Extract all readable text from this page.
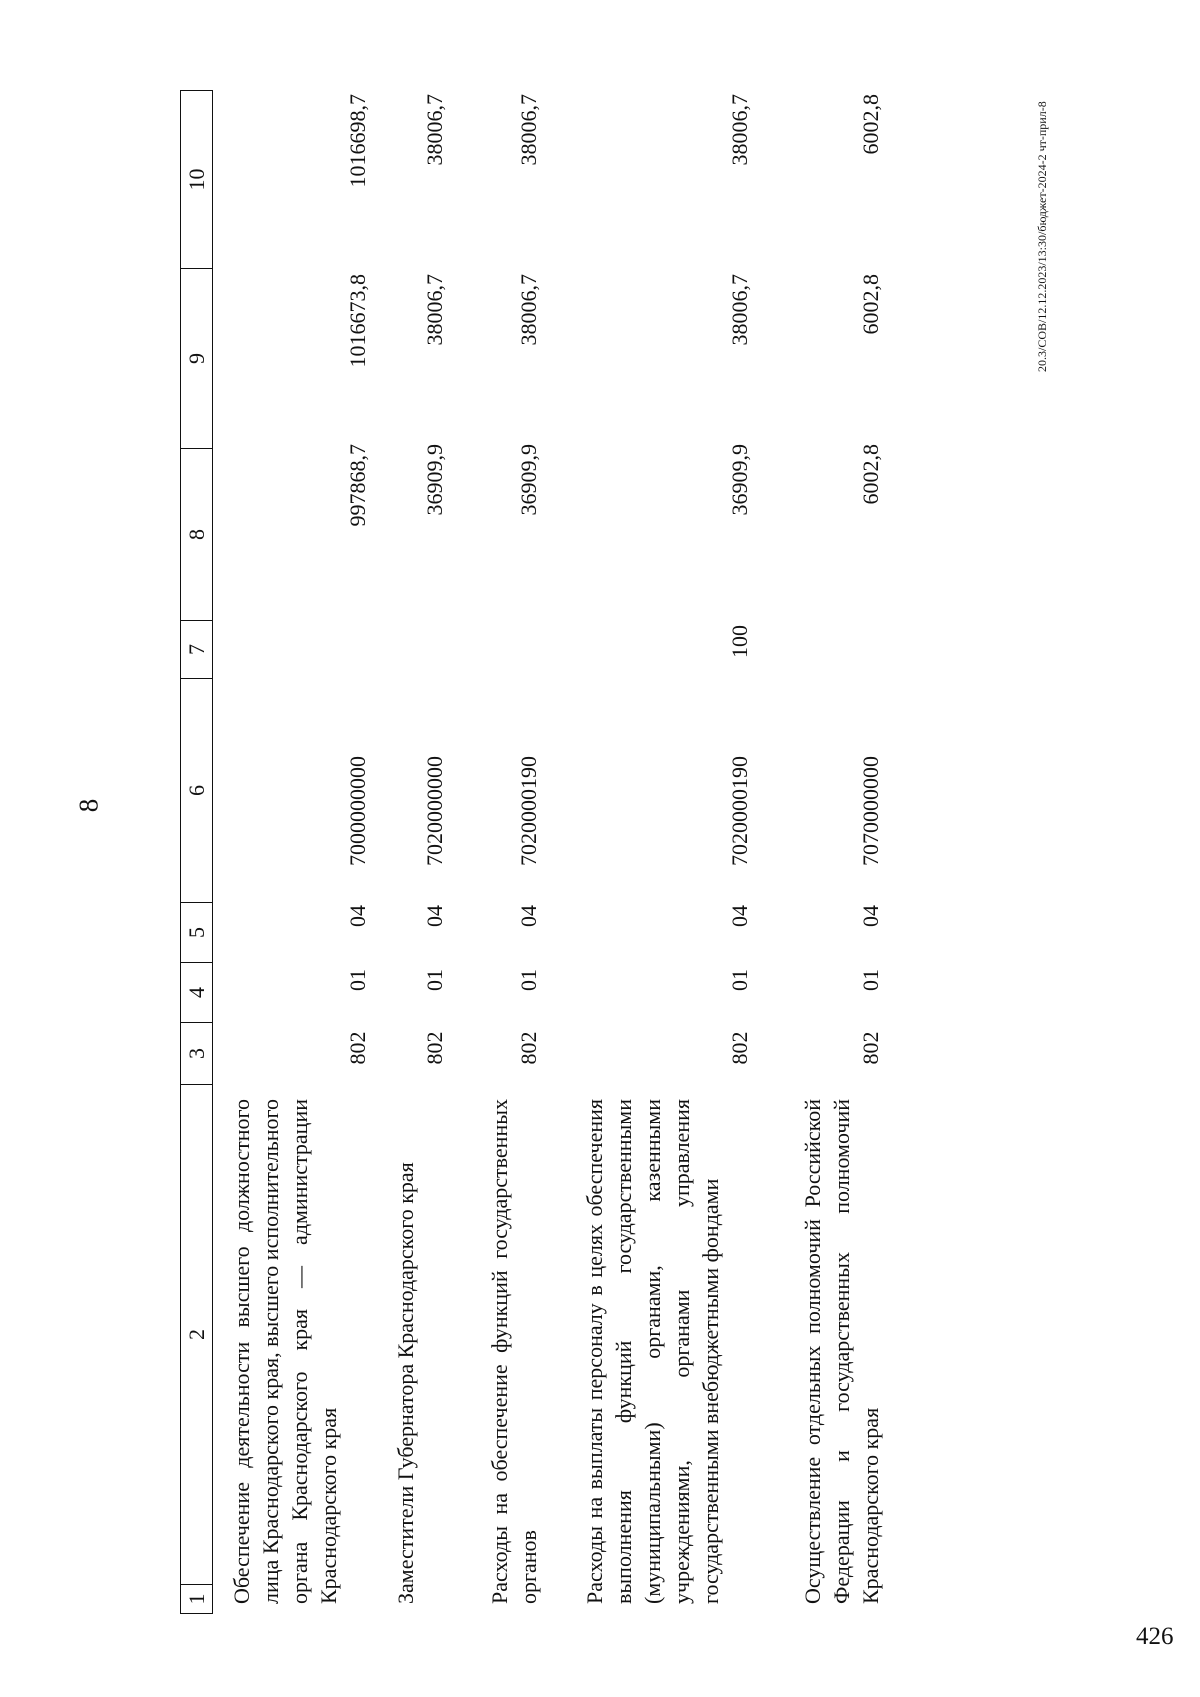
8
20.3/СОВ/12.12.2023/13:30/бюджет-2024-2 чт-прил-8
426
1
2
3
4
5
6
7
8
9
10
Обеспечение деятельности высшего должностного лица Краснодарского края, высшего исполнительного органа Краснодарского края — администрации Краснодарского края
802
01
04
7000000000
997868,7
1016673,8
1016698,7
Заместители Губернатора Краснодарского края
802
01
04
7020000000
36909,9
38006,7
38006,7
Расходы на обеспечение функций государственных органов
802
01
04
7020000190
36909,9
38006,7
38006,7
Расходы на выплаты персоналу в целях обеспечения выполнения функций государственными (муниципальными) органами, казенными учреждениями, органами управления государственными внебюджетными фондами
802
01
04
7020000190
100
36909,9
38006,7
38006,7
Осуществление отдельных полномочий Российской Федерации и государственных полномочий Краснодарского края
802
01
04
7070000000
6002,8
6002,8
6002,8
